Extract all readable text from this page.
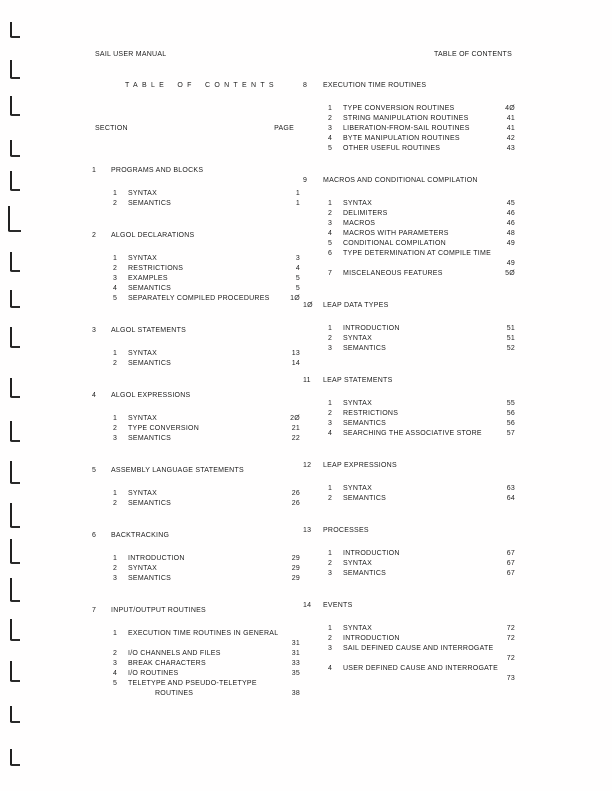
SAIL USER MANUAL	TABLE OF CONTENTS
TABLE OF CONTENTS
SECTION	PAGE
1	PROGRAMS AND BLOCKS
1	SYNTAX	1
2	SEMANTICS	1
2	ALGOL DECLARATIONS
1	SYNTAX	3
2	RESTRICTIONS	4
3	EXAMPLES	5
4	SEMANTICS	5
5	SEPARATELY COMPILED PROCEDURES	1Ø
3	ALGOL STATEMENTS
1	SYNTAX	13
2	SEMANTICS	14
4	ALGOL EXPRESSIONS
1	SYNTAX	2Ø
2	TYPE CONVERSION	21
3	SEMANTICS	22
5	ASSEMBLY LANGUAGE STATEMENTS
1	SYNTAX	26
2	SEMANTICS	26
6	BACKTRACKING
1	INTRODUCTION	29
2	SYNTAX	29
3	SEMANTICS	29
7	INPUT/OUTPUT ROUTINES
1	EXECUTION TIME ROUTINES IN GENERAL
31
2	I/O CHANNELS AND FILES	31
3	BREAK CHARACTERS	33
4	I/O ROUTINES	35
5	TELETYPE AND PSEUDO-TELETYPE
ROUTINES	38
8	EXECUTION TIME ROUTINES
1	TYPE CONVERSION ROUTINES	4Ø
2	STRING MANIPULATION ROUTINES	41
3	LIBERATION-FROM-SAIL ROUTINES	41
4	BYTE MANIPULATION ROUTINES	42
5	OTHER USEFUL ROUTINES	43
9	MACROS AND CONDITIONAL COMPILATION
1	SYNTAX	45
2	DELIMITERS	46
3	MACROS	46
4	MACROS WITH PARAMETERS	48
5	CONDITIONAL COMPILATION	49
6	TYPE DETERMINATION AT COMPILE TIME
49
7	MISCELANEOUS FEATURES	5Ø
1Ø	LEAP DATA TYPES
1	INTRODUCTION	51
2	SYNTAX	51
3	SEMANTICS	52
11	LEAP STATEMENTS
1	SYNTAX	55
2	RESTRICTIONS	56
3	SEMANTICS	56
4	SEARCHING THE ASSOCIATIVE STORE	57
12	LEAP EXPRESSIONS
1	SYNTAX	63
2	SEMANTICS	64
13	PROCESSES
1	INTRODUCTION	67
2	SYNTAX	67
3	SEMANTICS	67
14	EVENTS
1	SYNTAX	72
2	INTRODUCTION	72
3	SAIL DEFINED CAUSE AND INTERROGATE
72
4	USER DEFINED CAUSE AND INTERROGATE
73
